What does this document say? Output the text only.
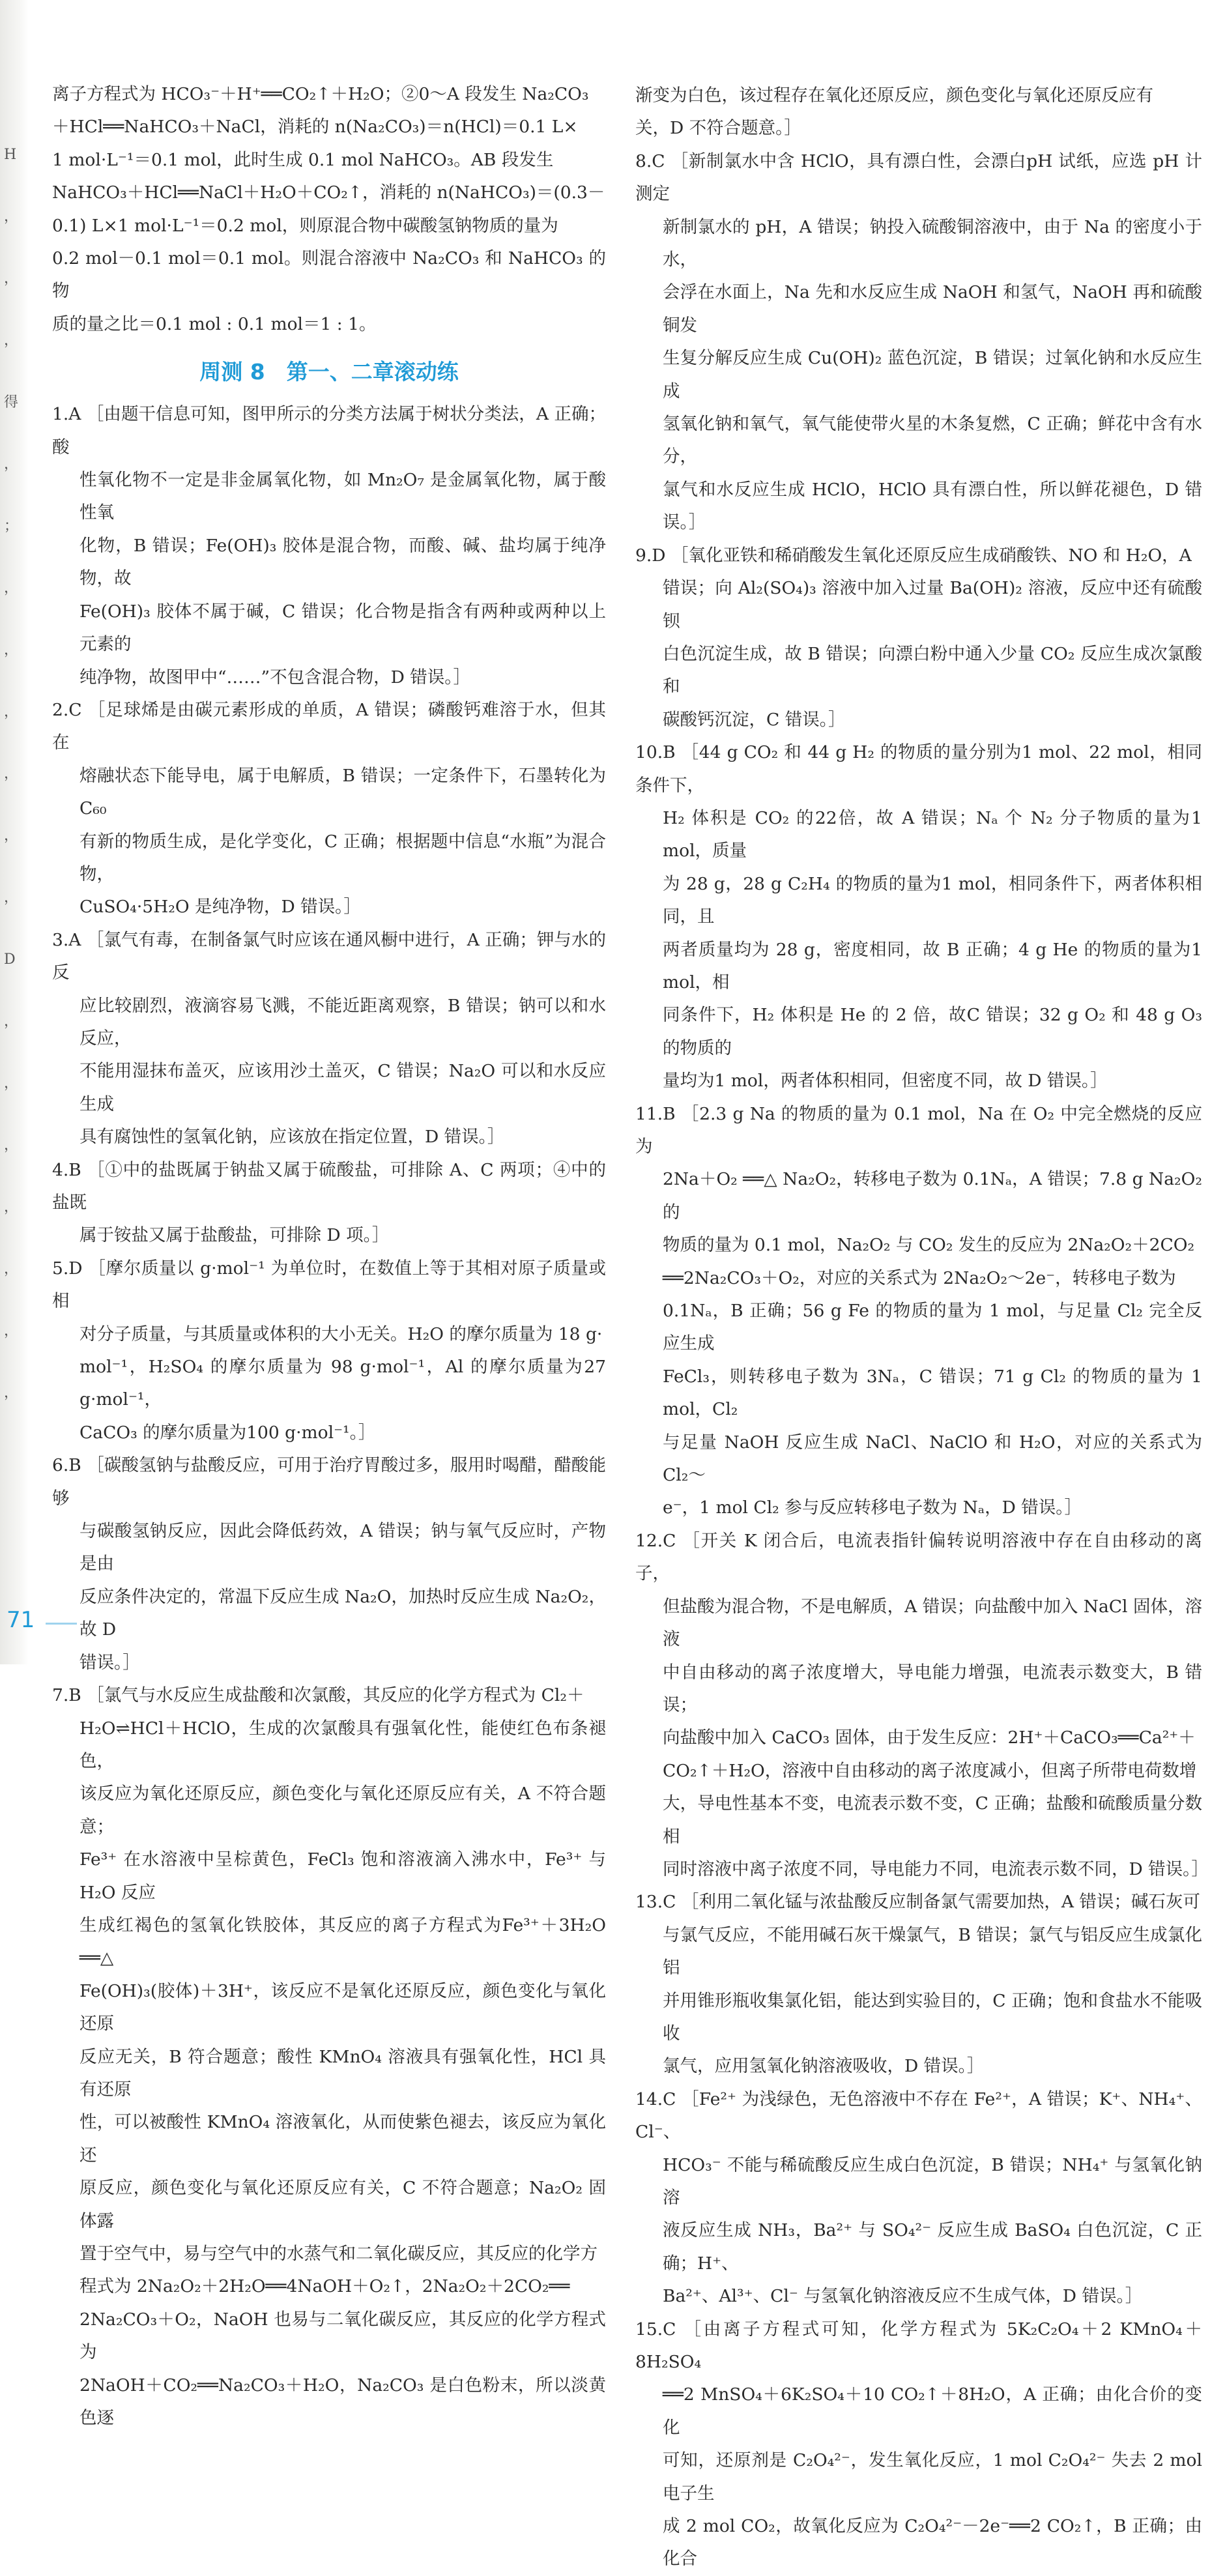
H
，
，
，
得
，
；
，
，
，
，
，
，
D
，
，
，
，
，
，
，

离子方程式为 HCO₃⁻＋H⁺══CO₂↑＋H₂O；②0～A 段发生 Na₂CO₃

＋HCl══NaHCO₃＋NaCl，消耗的 n(Na₂CO₃)＝n(HCl)＝0.1 L×

1 mol·L⁻¹＝0.1 mol，此时生成 0.1 mol NaHCO₃。AB 段发生

NaHCO₃＋HCl══NaCl＋H₂O＋CO₂↑，消耗的 n(NaHCO₃)＝(0.3－

0.1) L×1 mol·L⁻¹＝0.2 mol，则原混合物中碳酸氢钠物质的量为

0.2 mol－0.1 mol＝0.1 mol。则混合溶液中 Na₂CO₃ 和 NaHCO₃ 的物

质的量之比＝0.1 mol : 0.1 mol＝1 : 1。

周测 8　第一、二章滚动练

1.A ［由题干信息可知，图甲所示的分类方法属于树状分类法，A 正确；酸

性氧化物不一定是非金属氧化物，如 Mn₂O₇ 是金属氧化物，属于酸性氧

化物，B 错误；Fe(OH)₃ 胶体是混合物，而酸、碱、盐均属于纯净物，故

Fe(OH)₃ 胶体不属于碱，C 错误；化合物是指含有两种或两种以上元素的

纯净物，故图甲中“……”不包含混合物，D 错误。］

2.C ［足球烯是由碳元素形成的单质，A 错误；磷酸钙难溶于水，但其在

熔融状态下能导电，属于电解质，B 错误；一定条件下，石墨转化为 C₆₀

有新的物质生成，是化学变化，C 正确；根据题中信息“水瓶”为混合物，

CuSO₄·5H₂O 是纯净物，D 错误。］

3.A ［氯气有毒，在制备氯气时应该在通风橱中进行，A 正确；钾与水的反

应比较剧烈，液滴容易飞溅，不能近距离观察，B 错误；钠可以和水反应，

不能用湿抹布盖灭，应该用沙土盖灭，C 错误；Na₂O 可以和水反应生成

具有腐蚀性的氢氧化钠，应该放在指定位置，D 错误。］

4.B ［①中的盐既属于钠盐又属于硫酸盐，可排除 A、C 两项；④中的盐既

属于铵盐又属于盐酸盐，可排除 D 项。］

5.D ［摩尔质量以 g·mol⁻¹ 为单位时，在数值上等于其相对原子质量或相

对分子质量，与其质量或体积的大小无关。H₂O 的摩尔质量为 18 g·

mol⁻¹，H₂SO₄ 的摩尔质量为 98 g·mol⁻¹，Al 的摩尔质量为27 g·mol⁻¹，

CaCO₃ 的摩尔质量为100 g·mol⁻¹。］

6.B ［碳酸氢钠与盐酸反应，可用于治疗胃酸过多，服用时喝醋，醋酸能够

与碳酸氢钠反应，因此会降低药效，A 错误；钠与氧气反应时，产物是由

反应条件决定的，常温下反应生成 Na₂O，加热时反应生成 Na₂O₂，故 D

错误。］

7.B ［氯气与水反应生成盐酸和次氯酸，其反应的化学方程式为 Cl₂＋

H₂O⇌HCl＋HClO，生成的次氯酸具有强氧化性，能使红色布条褪色，

该反应为氧化还原反应，颜色变化与氧化还原反应有关，A 不符合题意；

Fe³⁺ 在水溶液中呈棕黄色，FeCl₃ 饱和溶液滴入沸水中，Fe³⁺ 与 H₂O 反应

生成红褐色的氢氧化铁胶体，其反应的离子方程式为Fe³⁺＋3H₂O ══△

Fe(OH)₃(胶体)＋3H⁺，该反应不是氧化还原反应，颜色变化与氧化还原

反应无关，B 符合题意；酸性 KMnO₄ 溶液具有强氧化性，HCl 具有还原

性，可以被酸性 KMnO₄ 溶液氧化，从而使紫色褪去，该反应为氧化还

原反应，颜色变化与氧化还原反应有关，C 不符合题意；Na₂O₂ 固体露

置于空气中，易与空气中的水蒸气和二氧化碳反应，其反应的化学方

程式为 2Na₂O₂＋2H₂O══4NaOH＋O₂↑，2Na₂O₂＋2CO₂══

2Na₂CO₃＋O₂，NaOH 也易与二氧化碳反应，其反应的化学方程式为

2NaOH＋CO₂══Na₂CO₃＋H₂O，Na₂CO₃ 是白色粉末，所以淡黄色逐

渐变为白色，该过程存在氧化还原反应，颜色变化与氧化还原反应有

关，D 不符合题意。］

8.C ［新制氯水中含 HClO，具有漂白性，会漂白pH 试纸，应选 pH 计测定

新制氯水的 pH，A 错误；钠投入硫酸铜溶液中，由于 Na 的密度小于水，

会浮在水面上，Na 先和水反应生成 NaOH 和氢气，NaOH 再和硫酸铜发

生复分解反应生成 Cu(OH)₂ 蓝色沉淀，B 错误；过氧化钠和水反应生成

氢氧化钠和氧气，氧气能使带火星的木条复燃，C 正确；鲜花中含有水分，

氯气和水反应生成 HClO，HClO 具有漂白性，所以鲜花褪色，D 错误。］

9.D ［氧化亚铁和稀硝酸发生氧化还原反应生成硝酸铁、NO 和 H₂O，A

错误；向 Al₂(SO₄)₃ 溶液中加入过量 Ba(OH)₂ 溶液，反应中还有硫酸钡

白色沉淀生成，故 B 错误；向漂白粉中通入少量 CO₂ 反应生成次氯酸和

碳酸钙沉淀，C 错误。］

10.B ［44 g CO₂ 和 44 g H₂ 的物质的量分别为1 mol、22 mol，相同条件下，

H₂ 体积是 CO₂ 的22倍，故 A 错误；Nₐ 个 N₂ 分子物质的量为1 mol，质量

为 28 g，28 g C₂H₄ 的物质的量为1 mol，相同条件下，两者体积相同，且

两者质量均为 28 g，密度相同，故 B 正确；4 g He 的物质的量为1 mol，相

同条件下，H₂ 体积是 He 的 2 倍，故C 错误；32 g O₂ 和 48 g O₃ 的物质的

量均为1 mol，两者体积相同，但密度不同，故 D 错误。］

11.B ［2.3 g Na 的物质的量为 0.1 mol，Na 在 O₂ 中完全燃烧的反应为

2Na＋O₂ ══△ Na₂O₂，转移电子数为 0.1Nₐ，A 错误；7.8 g Na₂O₂ 的

物质的量为 0.1 mol，Na₂O₂ 与 CO₂ 发生的反应为 2Na₂O₂＋2CO₂

══2Na₂CO₃＋O₂，对应的关系式为 2Na₂O₂～2e⁻，转移电子数为

0.1Nₐ，B 正确；56 g Fe 的物质的量为 1 mol，与足量 Cl₂ 完全反应生成

FeCl₃，则转移电子数为 3Nₐ，C 错误；71 g Cl₂ 的物质的量为 1 mol，Cl₂

与足量 NaOH 反应生成 NaCl、NaClO 和 H₂O，对应的关系式为 Cl₂～

e⁻，1 mol Cl₂ 参与反应转移电子数为 Nₐ，D 错误。］

12.C ［开关 K 闭合后，电流表指针偏转说明溶液中存在自由移动的离子，

但盐酸为混合物，不是电解质，A 错误；向盐酸中加入 NaCl 固体，溶液

中自由移动的离子浓度增大，导电能力增强，电流表示数变大，B 错误；

向盐酸中加入 CaCO₃ 固体，由于发生反应：2H⁺＋CaCO₃══Ca²⁺＋

CO₂↑＋H₂O，溶液中自由移动的离子浓度减小，但离子所带电荷数增

大，导电性基本不变，电流表示数不变，C 正确；盐酸和硫酸质量分数相

同时溶液中离子浓度不同，导电能力不同，电流表示数不同，D 错误。］

13.C ［利用二氧化锰与浓盐酸反应制备氯气需要加热，A 错误；碱石灰可

与氯气反应，不能用碱石灰干燥氯气，B 错误；氯气与铝反应生成氯化铝

并用锥形瓶收集氯化铝，能达到实验目的，C 正确；饱和食盐水不能吸收

氯气，应用氢氧化钠溶液吸收，D 错误。］

14.C ［Fe²⁺ 为浅绿色，无色溶液中不存在 Fe²⁺，A 错误；K⁺、NH₄⁺、Cl⁻、

HCO₃⁻ 不能与稀硫酸反应生成白色沉淀，B 错误；NH₄⁺ 与氢氧化钠溶

液反应生成 NH₃，Ba²⁺ 与 SO₄²⁻ 反应生成 BaSO₄ 白色沉淀，C 正确；H⁺、

Ba²⁺、Al³⁺、Cl⁻ 与氢氧化钠溶液反应不生成气体，D 错误。］

15.C ［由离子方程式可知，化学方程式为 5K₂C₂O₄＋2 KMnO₄＋8H₂SO₄

══2 MnSO₄＋6K₂SO₄＋10 CO₂↑＋8H₂O，A 正确；由化合价的变化

可知，还原剂是 C₂O₄²⁻，发生氧化反应，1 mol C₂O₄²⁻ 失去 2 mol 电子生

成 2 mol CO₂，故氧化反应为 C₂O₄²⁻－2e⁻══2 CO₂↑，B 正确；由化合

71
